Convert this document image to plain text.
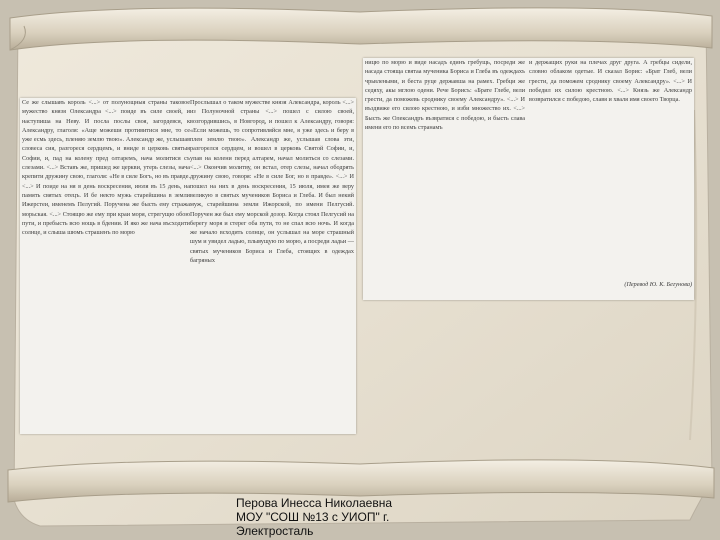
Се же слышавъ король <...> от полунощныя страны таковое мужество князя Олександра <...> поиде въ силе своей, и наступиша на Неву. И посла послы своя, загордевся, к Александру, глаголя: «Аще можеши противитися мне, то се уже есмь здесь, пленяю землю твою». Александр же, услышав словеса сия, разгореся сердцемъ, и вниде в церковь святыя Софии, и, пад на колену пред олтаремъ, нача молитися съ слезами. <...> Вставъ же, пришед же церкви, утерь слезы, нача крепити дружину свою, глаголя: «Не в силе Богъ, но въ правде. <...> И поиде на ня в день воскресения, июля въ 15 день, на память святых отецъ. И бе некто мужь старейшина в земли Ижерстеи, именемъ Пелугий. Поручена же бысть ему стража морьская. <...> Стоящю же ему при краи моря, стрегущю обою пути, и пребысть всю нощь в бдении. И яко же нача въсходити солнце, и слыша шюмъ страшенъ по морю
Прослышал о таком мужестве князя Александра, король <...> из Полуночной страны <...> пошел с силою своей, возгордившись, в Новгород, и пошел к Александру, говоря: «Если можешь, то сопротивляйся мне, я уже здесь и беру в плен землю твою». Александр же, услышав слова эти, разгорелся сердцем, и вошел в церковь Святой Софии, и, упав на колени перед алтарем, начал молиться со слезами. <...> Окончив молитву, он встал, отер слезы, начал ободрять дружину свою, говоря: «Не в силе Бог, но в правде». <...> И пошел на них в день воскресения, 15 июля, имея же веру великую в святых мучеников Бориса и Глеба. И был некий муж, старейшина земли Ижорской, по имени Пелгусий. Поручен же был ему морской дозор. Когда стоял Пелгусий на берегу моря и стерег оба пути, то не спал всю ночь. И когда же начало всходить солнце, он услышал на море страшный шум и увидел ладью, плывущую по морю, а посреди ладьи — святых мучеников Бориса и Глеба, стоящих в одеждах багряных
ницю по морю и виде насадъ единъ гребущь, посреди же насада стояща святаа мученика Бориса и Глеба въ одеждахъ чрьвлеными, и беста руце державша на рамех. Гребци же седяху, акы мглою одени. Рече Борисъ: «Брате Глебе, вели грести, да поможевь сроднику своему Александру». <...> И въздвиже его силою крестною, и изби множество их. <...> Бысть же Олександръ възвратися с победою, и бысть слава имени его по всемъ странамъ
и держащих руки на плечах друг друга. А гребцы сидели, словно облаком одетые. И сказал Борис: «Брат Глеб, вели грести, да поможем сроднику своему Александру». <...> И победил их силою крестною. <...> Князь же Александр возвратился с победою, славя и хваля имя своего Творца.
(Перевод Ю. К. Бегунова)
Перова Инесса Николаевна
МОУ "СОШ №13 с УИОП" г.
Электросталь
